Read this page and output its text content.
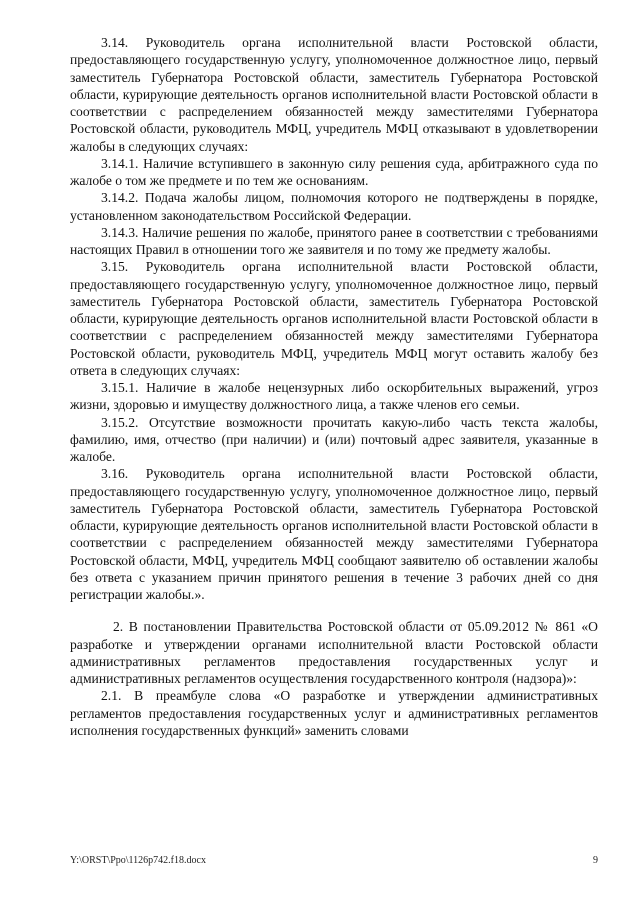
3.14. Руководитель органа исполнительной власти Ростовской области, предоставляющего государственную услугу, уполномоченное должностное лицо, первый заместитель Губернатора Ростовской области, заместитель Губернатора Ростовской области, курирующие деятельность органов исполнительной власти Ростовской области в соответствии с распределением обязанностей между заместителями Губернатора Ростовской области, руководитель МФЦ, учредитель МФЦ отказывают в удовлетворении жалобы в следующих случаях:

3.14.1. Наличие вступившего в законную силу решения суда, арбитражного суда по жалобе о том же предмете и по тем же основаниям.

3.14.2. Подача жалобы лицом, полномочия которого не подтверждены в порядке, установленном законодательством Российской Федерации.

3.14.3. Наличие решения по жалобе, принятого ранее в соответствии с требованиями настоящих Правил в отношении того же заявителя и по тому же предмету жалобы.

3.15. Руководитель органа исполнительной власти Ростовской области, предоставляющего государственную услугу, уполномоченное должностное лицо, первый заместитель Губернатора Ростовской области, заместитель Губернатора Ростовской области, курирующие деятельность органов исполнительной власти Ростовской области в соответствии с распределением обязанностей между заместителями Губернатора Ростовской области, руководитель МФЦ, учредитель МФЦ могут оставить жалобу без ответа в следующих случаях:

3.15.1. Наличие в жалобе нецензурных либо оскорбительных выражений, угроз жизни, здоровью и имуществу должностного лица, а также членов его семьи.

3.15.2. Отсутствие возможности прочитать какую-либо часть текста жалобы, фамилию, имя, отчество (при наличии) и (или) почтовый адрес заявителя, указанные в жалобе.

3.16. Руководитель органа исполнительной власти Ростовской области, предоставляющего государственную услугу, уполномоченное должностное лицо, первый заместитель Губернатора Ростовской области, заместитель Губернатора Ростовской области, курирующие деятельность органов исполнительной власти Ростовской области в соответствии с распределением обязанностей между заместителями Губернатора Ростовской области, МФЦ, учредитель МФЦ сообщают заявителю об оставлении жалобы без ответа с указанием причин принятого решения в течение 3 рабочих дней со дня регистрации жалобы.».

2. В постановлении Правительства Ростовской области от 05.09.2012 № 861 «О разработке и утверждении органами исполнительной власти Ростовской области административных регламентов предоставления государственных услуг и административных регламентов осуществления государственного контроля (надзора)»:

2.1. В преамбуле слова «О разработке и утверждении административных регламентов предоставления государственных услуг и административных регламентов исполнения государственных функций» заменить словами

Y:\ORST\Ppo\1126p742.f18.docx	9
